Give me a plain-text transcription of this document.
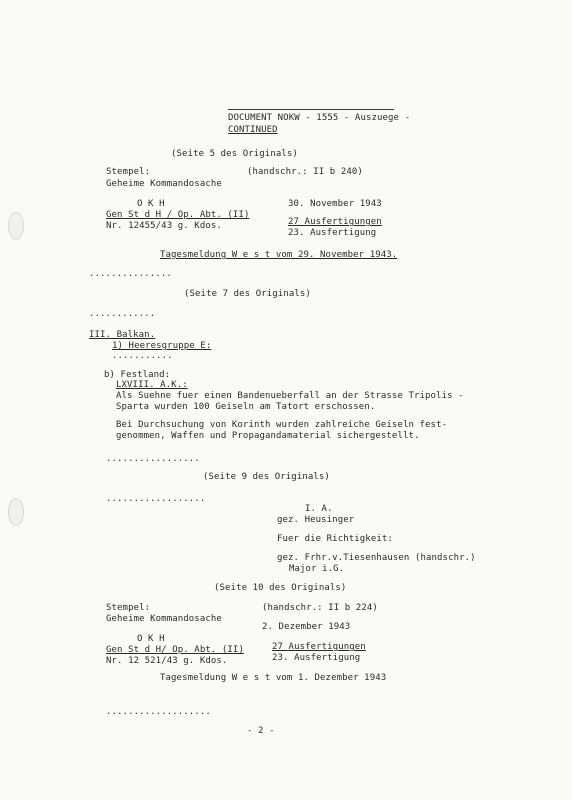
DOCUMENT NOKW - 1555 - Auszuege -
CONTINUED
(Seite 5 des Originals)
Stempel:	(handschr.: II b 240)
Geheime Kommandosache
O K H	30. November 1943
Gen St d H / Op. Abt. (II)
Nr. 12455/43 g. Kdos.	27 Ausfertigungen
23. Ausfertigung
Tagesmeldung W e s t vom 29. November 1943.
...............
(Seite 7 des Originals)
............
III. Balkan.
1) Heeresgruppe E:
...........
b) Festland:
LXVIII. A.K.:
Als Suehne fuer einen Bandenueberfall an der Strasse Tripolis -
Sparta wurden 100 Geiseln am Tatort erschossen.
Bei Durchsuchung von Korinth wurden zahlreiche Geiseln fest-
genommen, Waffen und Propagandamaterial sichergestellt.
.................
(Seite 9 des Originals)
..................
I. A.
gez. Heusinger
Fuer die Richtigkeit:
gez. Frhr.v.Tiesenhausen (handschr.)
Major i.G.
(Seite 10 des Originals)
Stempel:	(handschr.: II b 224)
Geheime Kommandosache
2. Dezember 1943
O K H
Gen St d H/ Op. Abt. (II)	27 Ausfertigungen
Nr. 12 521/43 g. Kdos.	23. Ausfertigung
Tagesmeldung W e s t vom 1. Dezember 1943
...................
- 2 -
